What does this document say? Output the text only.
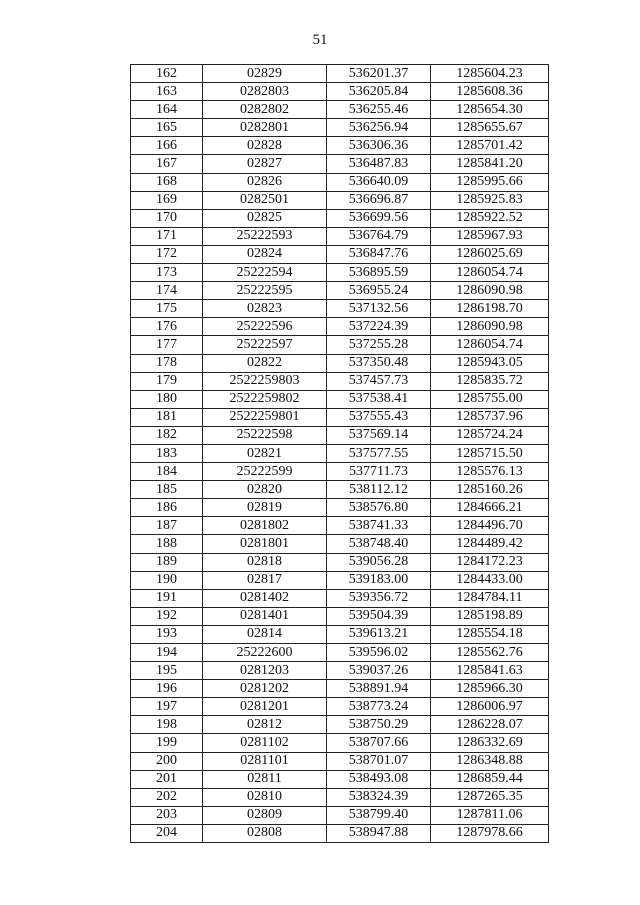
51
162	02829	536201.37	1285604.23
163	0282803	536205.84	1285608.36
164	0282802	536255.46	1285654.30
165	0282801	536256.94	1285655.67
166	02828	536306.36	1285701.42
167	02827	536487.83	1285841.20
168	02826	536640.09	1285995.66
169	0282501	536696.87	1285925.83
170	02825	536699.56	1285922.52
171	25222593	536764.79	1285967.93
172	02824	536847.76	1286025.69
173	25222594	536895.59	1286054.74
174	25222595	536955.24	1286090.98
175	02823	537132.56	1286198.70
176	25222596	537224.39	1286090.98
177	25222597	537255.28	1286054.74
178	02822	537350.48	1285943.05
179	2522259803	537457.73	1285835.72
180	2522259802	537538.41	1285755.00
181	2522259801	537555.43	1285737.96
182	25222598	537569.14	1285724.24
183	02821	537577.55	1285715.50
184	25222599	537711.73	1285576.13
185	02820	538112.12	1285160.26
186	02819	538576.80	1284666.21
187	0281802	538741.33	1284496.70
188	0281801	538748.40	1284489.42
189	02818	539056.28	1284172.23
190	02817	539183.00	1284433.00
191	0281402	539356.72	1284784.11
192	0281401	539504.39	1285198.89
193	02814	539613.21	1285554.18
194	25222600	539596.02	1285562.76
195	0281203	539037.26	1285841.63
196	0281202	538891.94	1285966.30
197	0281201	538773.24	1286006.97
198	02812	538750.29	1286228.07
199	0281102	538707.66	1286332.69
200	0281101	538701.07	1286348.88
201	02811	538493.08	1286859.44
202	02810	538324.39	1287265.35
203	02809	538799.40	1287811.06
204	02808	538947.88	1287978.66
